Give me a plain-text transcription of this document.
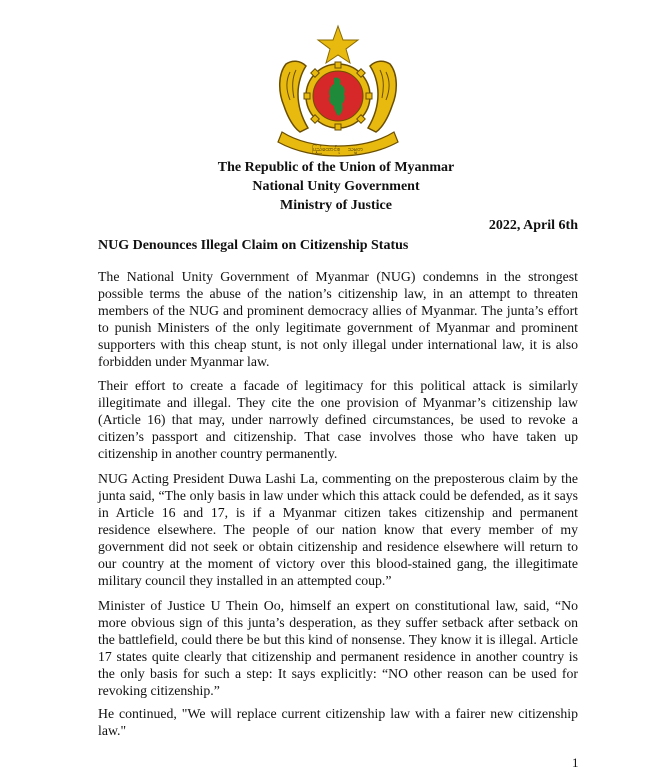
ပြည်ထောင်စု သမ္မတ
The Republic of the Union of Myanmar
National Unity Government
Ministry of Justice
2022, April 6th
NUG Denounces Illegal Claim on Citizenship Status

The National Unity Government of Myanmar (NUG) condemns in the strongest possible terms the abuse of the nation’s citizenship law, in an attempt to threaten members of the NUG and prominent democracy allies of Myanmar. The junta’s effort to punish Ministers of the only legitimate government of Myanmar and prominent supporters with this cheap stunt, is not only illegal under international law, it is also forbidden under Myanmar law.

Their effort to create a facade of legitimacy for this political attack is similarly illegitimate and illegal. They cite the one provision of Myanmar’s citizenship law (Article 16) that may, under narrowly defined circumstances, be used to revoke a citizen’s passport and citizenship. That case involves those who have taken up citizenship in another country permanently.

NUG Acting President Duwa Lashi La, commenting on the preposterous claim by the junta said, “The only basis in law under which this attack could be defended, as it says in Article 16 and 17, is if a Myanmar citizen takes citizenship and permanent residence elsewhere. The people of our nation know that every member of my government did not seek or obtain citizenship and residence elsewhere will return to our country at the moment of victory over this blood-stained gang, the illegitimate military council they installed in an attempted coup.”

Minister of Justice U Thein Oo, himself an expert on constitutional law, said, “No more obvious sign of this junta’s desperation, as they suffer setback after setback on the battlefield, could there be but this kind of nonsense. They know it is illegal. Article 17 states quite clearly that citizenship and permanent residence in another country is the only basis for such a step: It says explicitly: “NO other reason can be used for revoking citizenship.”

He continued, "We will replace current citizenship law with a fairer new citizenship law."

1
